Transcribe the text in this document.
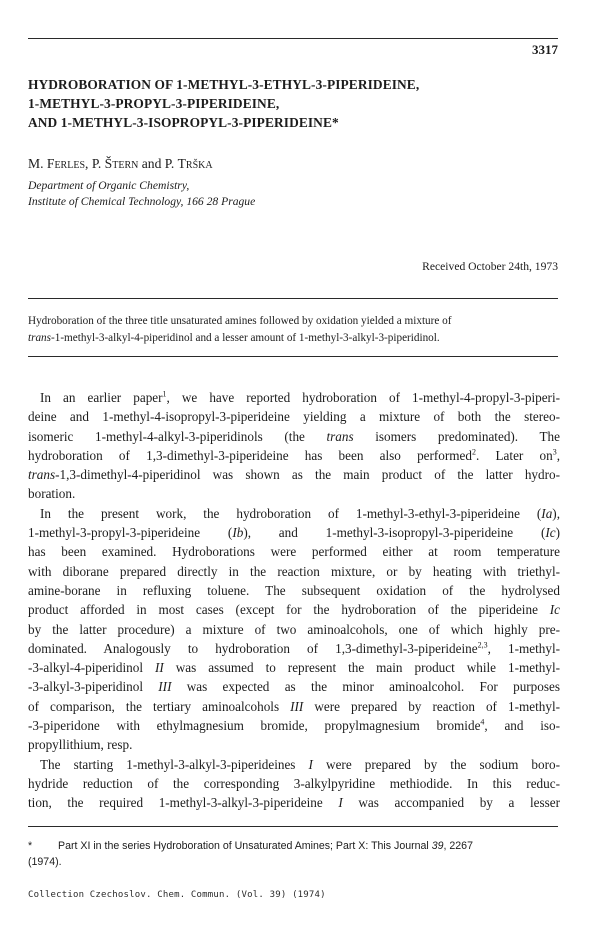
3317
HYDROBORATION OF 1-METHYL-3-ETHYL-3-PIPERIDEINE,
1-METHYL-3-PROPYL-3-PIPERIDEINE,
AND 1-METHYL-3-ISOPROPYL-3-PIPERIDEINE*
M. Ferles, P. Štern and P. Trška
Department of Organic Chemistry,
Institute of Chemical Technology, 166 28 Prague
Received October 24th, 1973
Hydroboration of the three title unsaturated amines followed by oxidation yielded a mixture of
trans-1-methyl-3-alkyl-4-piperidinol and a lesser amount of 1-methyl-3-alkyl-3-piperidinol.
In an earlier paper$^1$, we have reported hydroboration of 1-methyl-4-propyl-3-piperi-
deine and 1-methyl-4-isopropyl-3-piperideine yielding a mixture of both the stereo-
isomeric 1-methyl-4-alkyl-3-piperidinols (the trans isomers predominated). The
hydroboration of 1,3-dimethyl-3-piperideine has been also performed$^2$. Later $on^3$,
trans-1,3-dimethyl-4-piperidinol was shown as the main product of the latter hydro-
boration.
In the present work, the hydroboration of 1-methyl-3-ethyl-3-piperideine (Ia),
1-methyl-3-propyl-3-piperideine (Ib), and 1-methyl-3-isopropyl-3-piperideine (Ic)
has been examined. Hydroborations were performed either at room temperature
with diborane prepared directly in the reaction mixture, or by heating with triethyl-
amine-borane in refluxing toluene. The subsequent oxidation of the hydrolysed
product afforded in most cases (except for the hydroboration of the piperideine Ic
by the latter procedure) a mixture of two aminoalcohols, one of which highly pre-
dominated. Analogously to hydroboration of 1,3-dimethyl-3-piperideine$^{2,3}$, 1-methyl-
-3-alkyl-4-piperidinol II was assumed to represent the main product while 1-methyl-
-3-alkyl-3-piperidinol III was expected as the minor aminoalcohol. For purposes
of comparison, the tertiary aminoalcohols III were prepared by reaction of 1-methyl-
-3-piperidone with ethylmagnesium bromide, propylmagnesium bromide$^4$, and iso-
propyllithium, resp.
The starting 1-methyl-3-alkyl-3-piperideines I were prepared by the sodium boro-
hydride reduction of the corresponding 3-alkylpyridine methiodide. In this reduc-
tion, the required 1-methyl-3-alkyl-3-piperideine I was accompanied by a lesser
* Part XI in the series Hydroboration of Unsaturated Amines; Part X: This Journal 39, 2267
(1974).
Collection Czechoslov. Chem. Commun. (Vol. 39) (1974)
